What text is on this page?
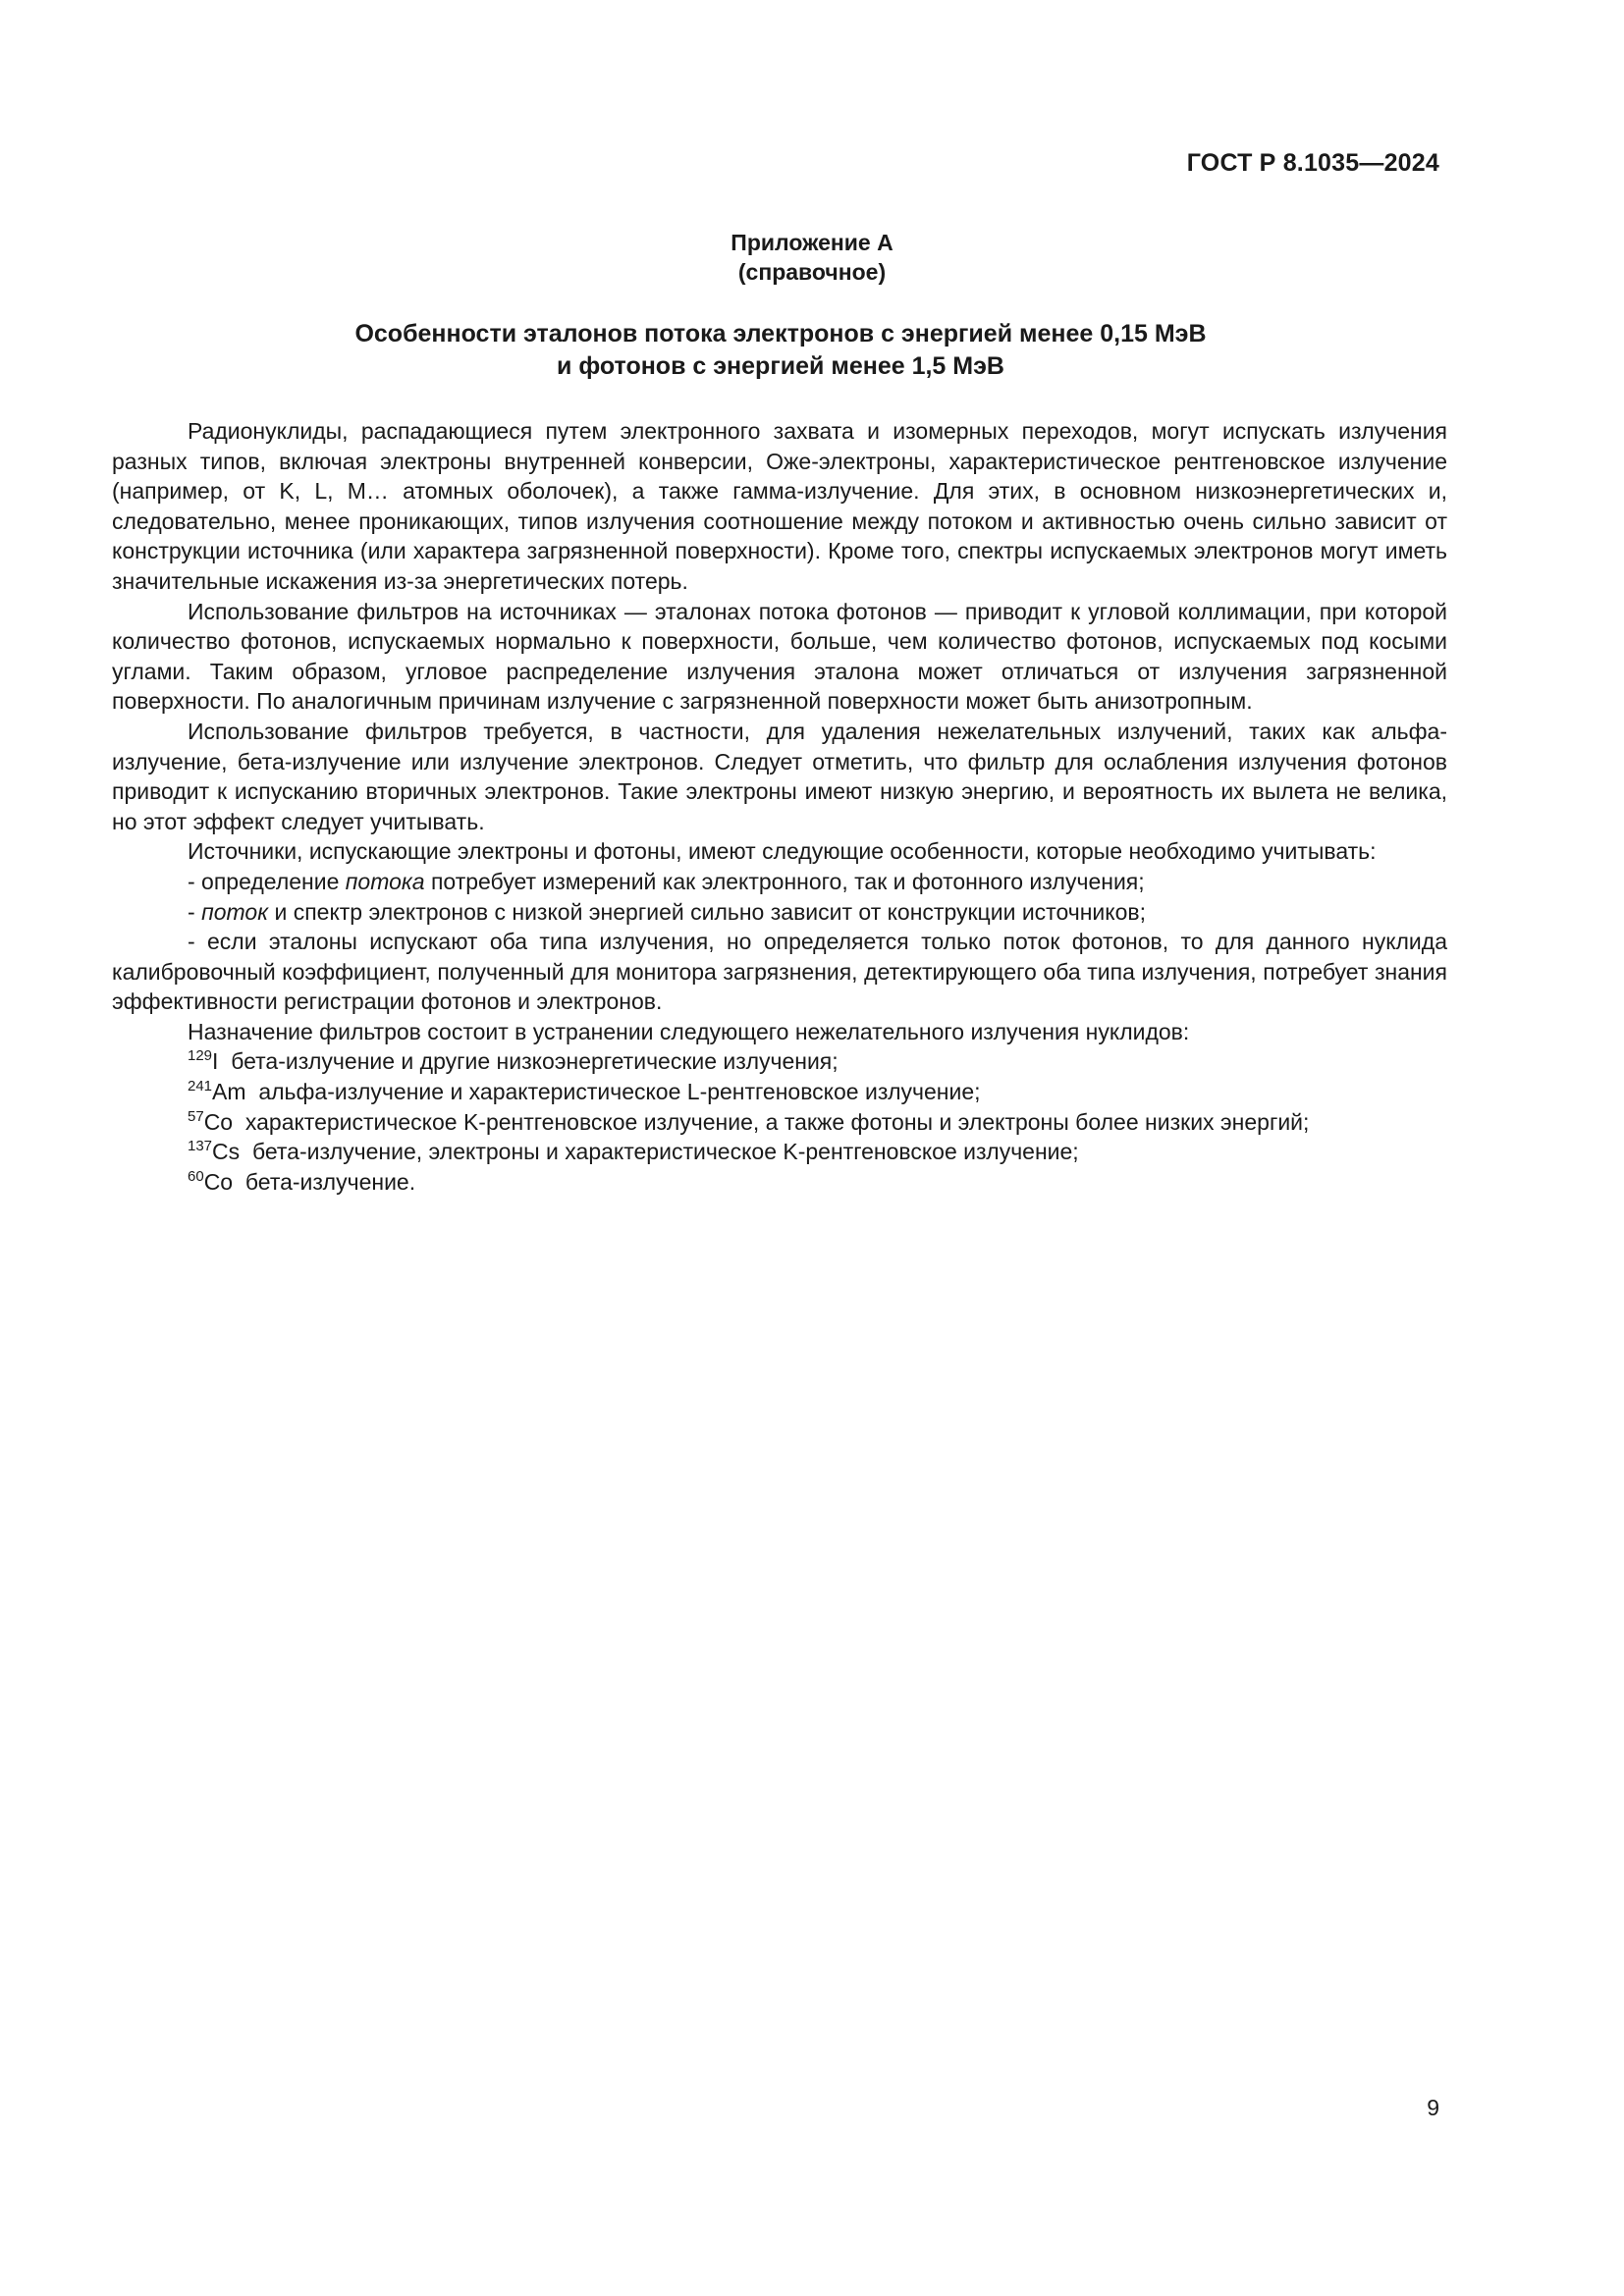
ГОСТ Р 8.1035—2024
Приложение А
(справочное)
Особенности эталонов потока электронов с энергией менее 0,15 МэВ
и фотонов с энергией менее 1,5 МэВ

Радионуклиды, распадающиеся путем электронного захвата и изомерных переходов, могут испускать излучения разных типов, включая электроны внутренней конверсии, Оже-электроны, характеристическое рентгеновское излучение (например, от K, L, M… атомных оболочек), а также гамма-излучение. Для этих, в основном низкоэнергетических и, следовательно, менее проникающих, типов излучения соотношение между потоком и активностью очень сильно зависит от конструкции источника (или характера загрязненной поверхности). Кроме того, спектры испускаемых электронов могут иметь значительные искажения из-за энергетических потерь.

Использование фильтров на источниках — эталонах потока фотонов — приводит к угловой коллимации, при которой количество фотонов, испускаемых нормально к поверхности, больше, чем количество фотонов, испускаемых под косыми углами. Таким образом, угловое распределение излучения эталона может отличаться от излучения загрязненной поверхности. По аналогичным причинам излучение с загрязненной поверхности может быть анизотропным.

Использование фильтров требуется, в частности, для удаления нежелательных излучений, таких как альфа-излучение, бета-излучение или излучение электронов. Следует отметить, что фильтр для ослабления излучения фотонов приводит к испусканию вторичных электронов. Такие электроны имеют низкую энергию, и вероятность их вылета не велика, но этот эффект следует учитывать.

Источники, испускающие электроны и фотоны, имеют следующие особенности, которые необходимо учитывать:

- определение потока потребует измерений как электронного, так и фотонного излучения;

- поток и спектр электронов с низкой энергией сильно зависит от конструкции источников;

- если эталоны испускают оба типа излучения, но определяется только поток фотонов, то для данного нуклида калибровочный коэффициент, полученный для монитора загрязнения, детектирующего оба типа излучения, потребует знания эффективности регистрации фотонов и электронов.

Назначение фильтров состоит в устранении следующего нежелательного излучения нуклидов:

$^{129}$I бета-излучение и другие низкоэнергетические излучения;

$^{241}$Am альфа-излучение и характеристическое L-рентгеновское излучение;

$^{57}$Co характеристическое K-рентгеновское излучение, а также фотоны и электроны более низких энергий;

$^{137}$Cs бета-излучение, электроны и характеристическое K-рентгеновское излучение;

$^{60}$Co бета-излучение.

9
